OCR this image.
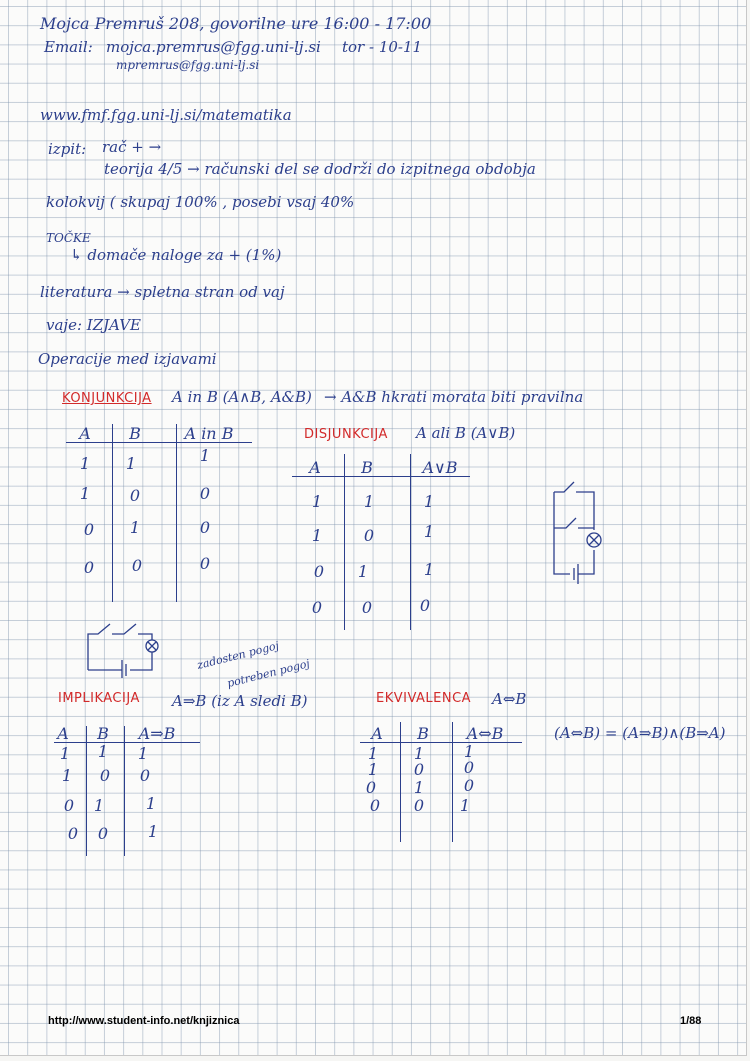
Mojca Premruš 208, govorilne ure 16:00 - 17:00
Email: mojca.premrus@fgg.uni-lj.si tor - 10-11
mpremrus@fgg.uni-lj.si
www.fmf.fgg.uni-lj.si/matematika
izpit: rač + →
teorija 4/5 → računski del se dodrži do izpitnega obdobja
kolokvij ( skupaj 100% , posebi vsaj 40%
TOČKE
↳ domače naloge za + (1%)
literatura → spletna stran od vaj
vaje: IZJAVE
Operacije med izjavami
KONJUNKCIJA A in B (A∧B, A&B) → A&B hkrati morata biti pravilna
A	B	A in B
1	1	1
1	0	0
0	1	0
0	0	0
DISJUNKCIJA A ali B (A∨B)
A	B	A∨B
1	1	1
1	0	1
0	1	1
0	0	0
zadosten pogoj
potreben pogoj
IMPLIKACIJA A⇒B (iz A sledi B)
A	B	A⇒B
1	1	1
1	0	0
0	1	1
0	0	1
EKVIVALENCA A⇔B
(A⇔B) = (A⇒B)∧(B⇒A)
A	B	A⇔B
1	1	1
1	0	0
0	1	0
0	0	1
http://www.student-info.net/knjiznica	1/88
